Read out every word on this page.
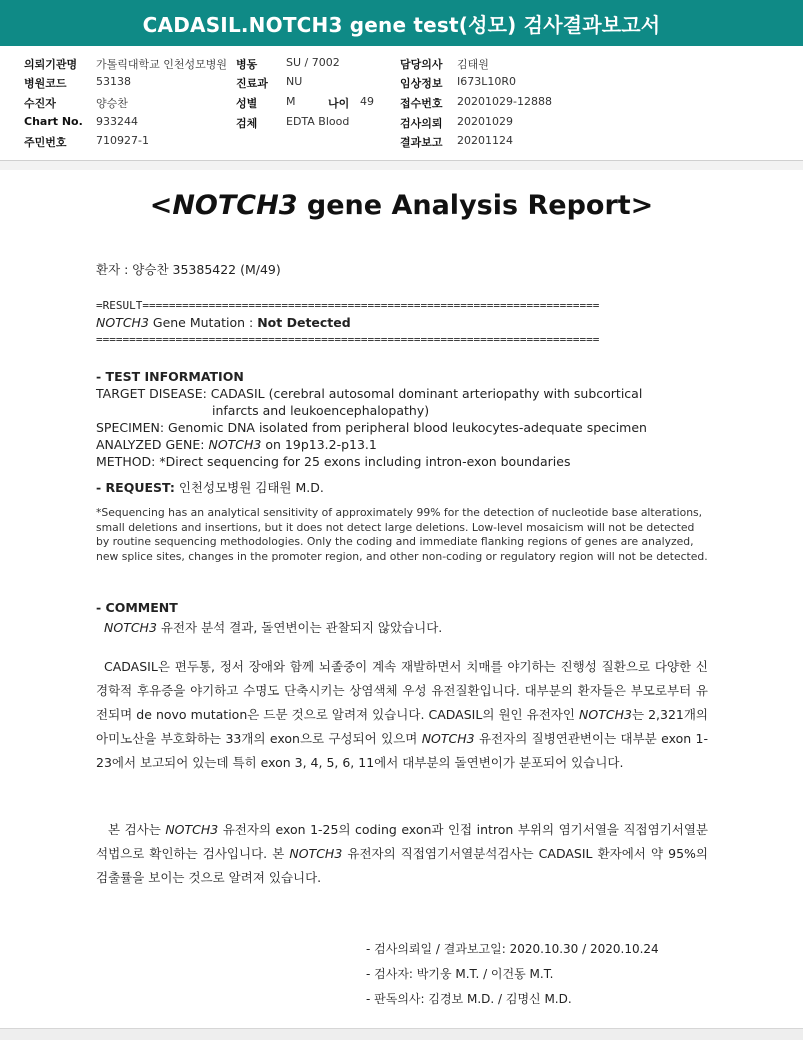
CADASIL.NOTCH3 gene test(성모) 검사결과보고서
의뢰기관명 가톨릭대학교 인천성모병원
병원코드	53138
수진자	양승찬
Chart No. 933244
주민번호	710927-1
병동	SU / 7002
진료과 NU
성별	M	나이 49
검체	EDTA Blood
담당의사 김태원
임상정보 I673L10R0
접수번호 20201029-12888
검사의뢰 20201029
결과보고 20201124
<NOTCH3 gene Analysis Report>
환자 : 양승찬 35385422 (M/49)
=RESULT=====================================================================
NOTCH3 Gene Mutation : Not Detected
============================================================================
- TEST INFORMATION
TARGET DISEASE: CADASIL (cerebral autosomal dominant arteriopathy with subcortical
infarcts and leukoencephalopathy)
SPECIMEN: Genomic DNA isolated from peripheral blood leukocytes-adequate specimen
ANALYZED GENE: NOTCH3 on 19p13.2-p13.1
METHOD: *Direct sequencing for 25 exons including intron-exon boundaries
- REQUEST: 인천성모병원 김태원 M.D.
*Sequencing has an analytical sensitivity of approximately 99% for the detection of nucleotide base alterations, small deletions and insertions, but it does not detect large deletions. Low-level mosaicism will not be detected by routine sequencing methodologies. Only the coding and immediate flanking regions of genes are analyzed, new splice sites, changes in the promoter region, and other non-coding or regulatory region will not be detected.
- COMMENT
NOTCH3 유전자 분석 결과, 돌연변이는 관찰되지 않았습니다.
CADASIL은 편두통, 정서 장애와 함께 뇌졸중이 계속 재발하면서 치매를 야기하는 진행성 질환으로 다양한 신경학적 후유증을 야기하고 수명도 단축시키는 상염색체 우성 유전질환입니다. 대부분의 환자들은 부모로부터 유전되며 de novo mutation은 드문 것으로 알려져 있습니다. CADASIL의 원인 유전자인 NOTCH3는 2,321개의 아미노산을 부호화하는 33개의 exon으로 구성되어 있으며 NOTCH3 유전자의 질병연관변이는 대부분 exon 1-23에서 보고되어 있는데 특히 exon 3, 4, 5, 6, 11에서 대부분의 돌연변이가 분포되어 있습니다.
본 검사는 NOTCH3 유전자의 exon 1-25의 coding exon과 인접 intron 부위의 염기서열을 직접염기서열분석법으로 확인하는 검사입니다. 본 NOTCH3 유전자의 직접염기서열분석검사는 CADASIL 환자에서 약 95%의 검출률을 보이는 것으로 알려져 있습니다.
- 검사의뢰일 / 결과보고일: 2020.10.30 / 2020.10.24
- 검사자: 박기웅 M.T. / 이건동 M.T.
- 판독의사: 김경보 M.D. / 김명신 M.D.
